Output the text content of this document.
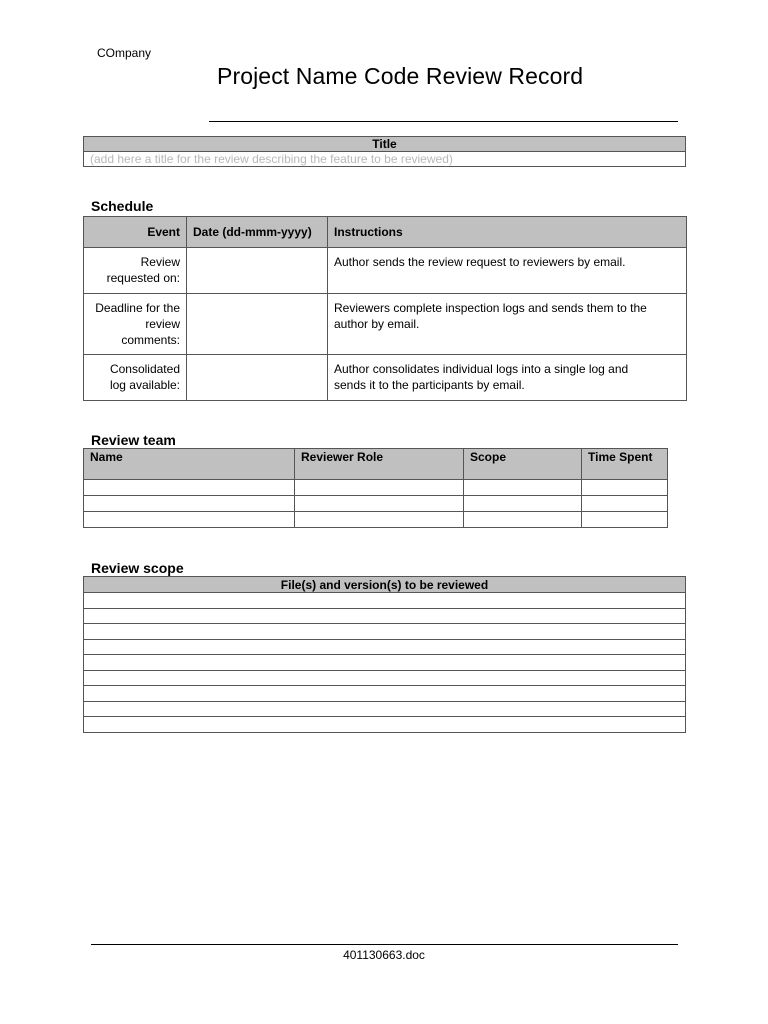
COmpany
Project Name Code Review Record
Title
(add here a title for the review describing the feature to be reviewed)
Schedule
Event	Date (dd-mmm-yyyy)	Instructions
Review
requested on:		Author sends the review request to reviewers by email.
Deadline for the
review
comments:		Reviewers complete inspection logs and sends them to the
author by email.
Consolidated
log available:		Author consolidates individual logs into a single log and
sends it to the participants by email.
Review team
Name	Reviewer Role	Scope	Time Spent

Review scope
File(s) and version(s) to be reviewed

401130663.doc
